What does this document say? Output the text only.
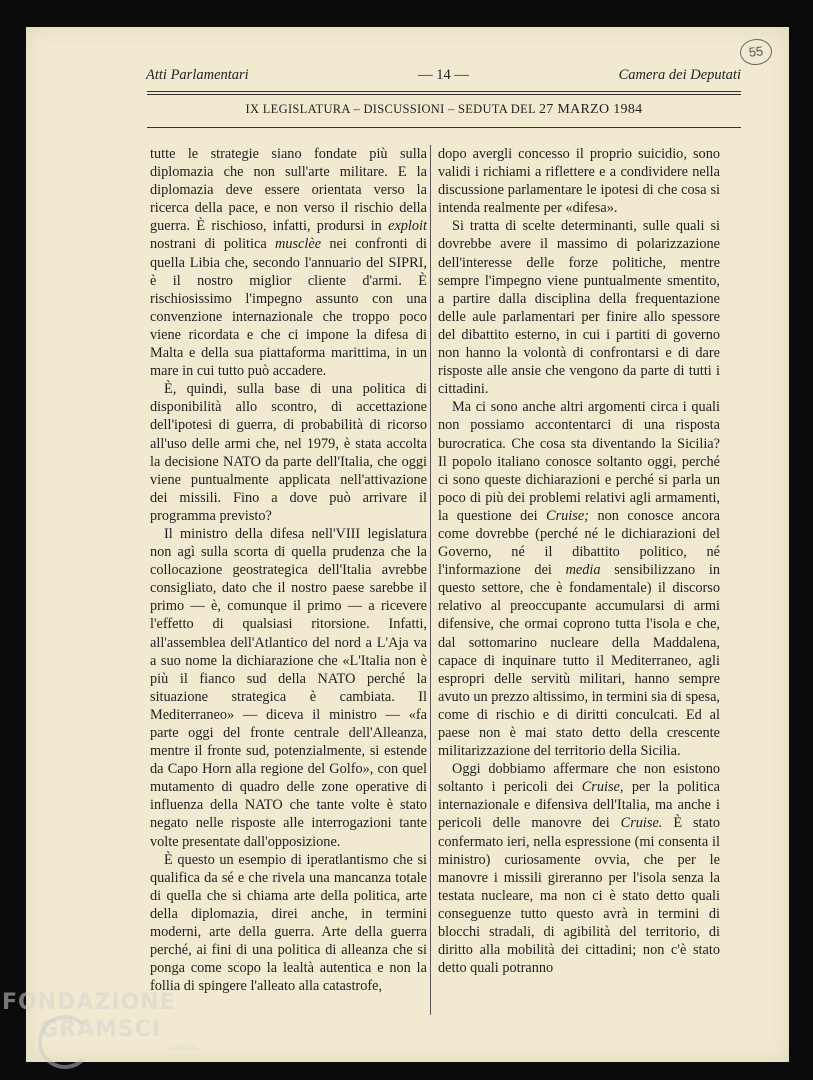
55
Atti Parlamentari	— 14 —	Camera dei Deputati
IX LEGISLATURA – DISCUSSIONI – SEDUTA DEL 27 MARZO 1984

tutte le strategie siano fondate più sulla diplomazia che non sull'arte militare. E la diplomazia deve essere orientata verso la ricerca della pace, e non verso il rischio della guerra. È rischioso, infatti, prodursi in exploit nostrani di politica musclèe nei confronti di quella Libia che, secondo l'annuario del SIPRI, è il nostro miglior cliente d'armi. È rischiosissimo l'impegno assunto con una convenzione internazionale che troppo poco viene ricordata e che ci impone la difesa di Malta e della sua piattaforma marittima, in un mare in cui tutto può accadere.

È, quindi, sulla base di una politica di disponibilità allo scontro, di accettazione dell'ipotesi di guerra, di probabilità di ricorso all'uso delle armi che, nel 1979, è stata accolta la decisione NATO da parte dell'Italia, che oggi viene puntualmente applicata nell'attivazione dei missili. Fino a dove può arrivare il programma previsto?

Il ministro della difesa nell'VIII legislatura non agì sulla scorta di quella prudenza che la collocazione geostrategica dell'Italia avrebbe consigliato, dato che il nostro paese sarebbe il primo — è, comunque il primo — a ricevere l'effetto di qualsiasi ritorsione. Infatti, all'assemblea dell'Atlantico del nord a L'Aja va a suo nome la dichiarazione che «L'Italia non è più il fianco sud della NATO perché la situazione strategica è cambiata. Il Mediterraneo» — diceva il ministro — «fa parte oggi del fronte centrale dell'Alleanza, mentre il fronte sud, potenzialmente, si estende da Capo Horn alla regione del Golfo», con quel mutamento di quadro delle zone operative di influenza della NATO che tante volte è stato negato nelle risposte alle interrogazioni tante volte presentate dall'opposizione.

È questo un esempio di iperatlantismo che si qualifica da sé e che rivela una mancanza totale di quella che si chiama arte della politica, arte della diplomazia, direi anche, in termini moderni, arte della guerra. Arte della guerra perché, ai fini di una politica di alleanza che si ponga come scopo la lealtà autentica e non la follia di spingere l'alleato alla catastrofe,

dopo avergli concesso il proprio suicidio, sono validi i richiami a riflettere e a condividere nella discussione parlamentare le ipotesi di che cosa si intenda realmente per «difesa».

Si tratta di scelte determinanti, sulle quali si dovrebbe avere il massimo di polarizzazione dell'interesse delle forze politiche, mentre sempre l'impegno viene puntualmente smentito, a partire dalla disciplina della frequentazione delle aule parlamentari per finire allo spessore del dibattito esterno, in cui i partiti di governo non hanno la volontà di confrontarsi e di dare risposte alle ansie che vengono da parte di tutti i cittadini.

Ma ci sono anche altri argomenti circa i quali non possiamo accontentarci di una risposta burocratica. Che cosa sta diventando la Sicilia? Il popolo italiano conosce soltanto oggi, perché ci sono queste dichiarazioni e perché si parla un poco di più dei problemi relativi agli armamenti, la questione dei Cruise; non conosce ancora come dovrebbe (perché né le dichiarazioni del Governo, né il dibattito politico, né l'informazione dei media sensibilizzano in questo settore, che è fondamentale) il discorso relativo al preoccupante accumularsi di armi difensive, che ormai coprono tutta l'isola e che, dal sottomarino nucleare della Maddalena, capace di inquinare tutto il Mediterraneo, agli espropri delle servitù militari, hanno sempre avuto un prezzo altissimo, in termini sia di spesa, come di rischio e di diritti conculcati. Ed al paese non è mai stato detto della crescente militarizzazione del territorio della Sicilia.

Oggi dobbiamo affermare che non esistono soltanto i pericoli dei Cruise, per la politica internazionale e difensiva dell'Italia, ma anche i pericoli delle manovre dei Cruise. È stato confermato ieri, nella espressione (mi consenta il ministro) curiosamente ovvia, che per le manovre i missili gireranno per l'isola senza la testata nucleare, ma non ci è stato detto quali conseguenze tutto questo avrà in termini di blocchi stradali, di agibilità del territorio, di diritto alla mobilità dei cittadini; non c'è stato detto quali potranno

FONDAZIONE
GRAMSCI
onlus
